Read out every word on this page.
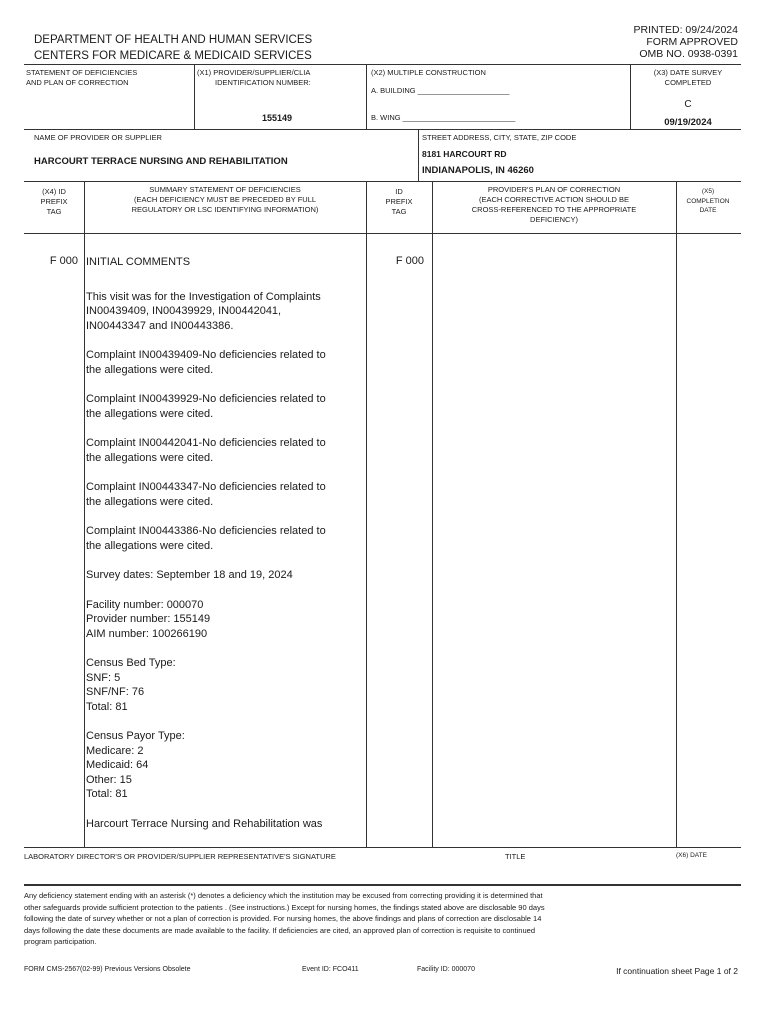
DEPARTMENT OF HEALTH AND HUMAN SERVICES
CENTERS FOR MEDICARE & MEDICAID SERVICES
PRINTED: 09/24/2024
FORM APPROVED
OMB NO. 0938-0391
STATEMENT OF DEFICIENCIES
AND PLAN OF CORRECTION
(X1) PROVIDER/SUPPLIER/CLIA
IDENTIFICATION NUMBER:
155149
(X2) MULTIPLE CONSTRUCTION
A. BUILDING ______________________
B. WING ___________________________
(X3) DATE SURVEY
COMPLETED
C
09/19/2024
NAME OF PROVIDER OR SUPPLIER
HARCOURT TERRACE NURSING AND REHABILITATION
STREET ADDRESS, CITY, STATE, ZIP CODE
8181 HARCOURT RD
INDIANAPOLIS, IN 46260
(X4) ID
PREFIX
TAG
SUMMARY STATEMENT OF DEFICIENCIES
(EACH DEFICIENCY MUST BE PRECEDED BY FULL
REGULATORY OR LSC IDENTIFYING INFORMATION)
ID
PREFIX
TAG
PROVIDER'S PLAN OF CORRECTION
(EACH CORRECTIVE ACTION SHOULD BE
CROSS-REFERENCED TO THE APPROPRIATE
DEFICIENCY)
(X5)
COMPLETION
DATE
F 000	F 000
INITIAL COMMENTS
This visit was for the Investigation of Complaints
IN00439409, IN00439929, IN00442041,
IN00443347 and IN00443386.
Complaint IN00439409-No deficiencies related to
the allegations were cited.
Complaint IN00439929-No deficiencies related to
the allegations were cited.
Complaint IN00442041-No deficiencies related to
the allegations were cited.
Complaint IN00443347-No deficiencies related to
the allegations were cited.
Complaint IN00443386-No deficiencies related to
the allegations were cited.
Survey dates: September 18 and 19, 2024
Facility number: 000070
Provider number: 155149
AIM number: 100266190
Census Bed Type:
SNF: 5
SNF/NF: 76
Total: 81
Census Payor Type:
Medicare: 2
Medicaid: 64
Other: 15
Total: 81
Harcourt Terrace Nursing and Rehabilitation was
LABORATORY DIRECTOR'S OR PROVIDER/SUPPLIER REPRESENTATIVE'S SIGNATURE	TITLE	(X6) DATE
Any deficiency statement ending with an asterisk (*) denotes a deficiency which the institution may be excused from correcting providing it is determined that
other safeguards provide sufficient protection to the patients . (See instructions.) Except for nursing homes, the findings stated above are disclosable 90 days
following the date of survey whether or not a plan of correction is provided. For nursing homes, the above findings and plans of correction are disclosable 14
days following the date these documents are made available to the facility. If deficiencies are cited, an approved plan of correction is requisite to continued
program participation.
FORM CMS-2567(02-99) Previous Versions Obsolete	Event ID: FCO411	Facility ID: 000070	If continuation sheet Page 1 of 2
